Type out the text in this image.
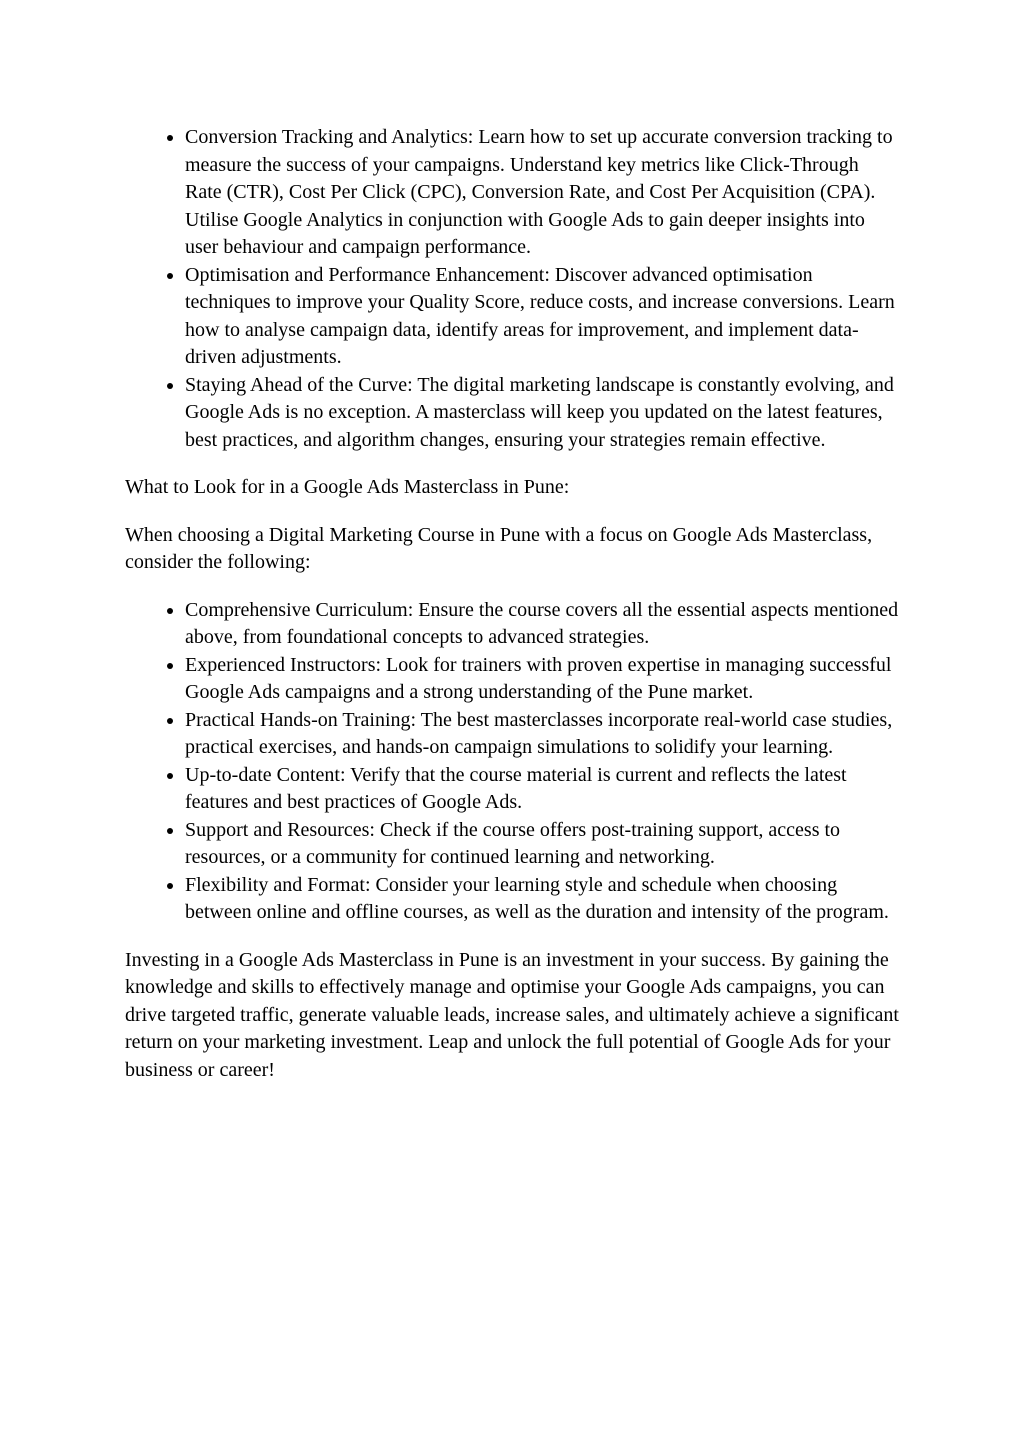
• Conversion Tracking and Analytics: Learn how to set up accurate conversion tracking to measure the success of your campaigns. Understand key metrics like Click-Through Rate (CTR), Cost Per Click (CPC), Conversion Rate, and Cost Per Acquisition (CPA). Utilise Google Analytics in conjunction with Google Ads to gain deeper insights into user behaviour and campaign performance.
• Optimisation and Performance Enhancement: Discover advanced optimisation techniques to improve your Quality Score, reduce costs, and increase conversions. Learn how to analyse campaign data, identify areas for improvement, and implement data-driven adjustments.
• Staying Ahead of the Curve: The digital marketing landscape is constantly evolving, and Google Ads is no exception. A masterclass will keep you updated on the latest features, best practices, and algorithm changes, ensuring your strategies remain effective.

What to Look for in a Google Ads Masterclass in Pune:

When choosing a Digital Marketing Course in Pune with a focus on Google Ads Masterclass, consider the following:

• Comprehensive Curriculum: Ensure the course covers all the essential aspects mentioned above, from foundational concepts to advanced strategies.
• Experienced Instructors: Look for trainers with proven expertise in managing successful Google Ads campaigns and a strong understanding of the Pune market.
• Practical Hands-on Training: The best masterclasses incorporate real-world case studies, practical exercises, and hands-on campaign simulations to solidify your learning.
• Up-to-date Content: Verify that the course material is current and reflects the latest features and best practices of Google Ads.
• Support and Resources: Check if the course offers post-training support, access to resources, or a community for continued learning and networking.
• Flexibility and Format: Consider your learning style and schedule when choosing between online and offline courses, as well as the duration and intensity of the program.

Investing in a Google Ads Masterclass in Pune is an investment in your success. By gaining the knowledge and skills to effectively manage and optimise your Google Ads campaigns, you can drive targeted traffic, generate valuable leads, increase sales, and ultimately achieve a significant return on your marketing investment. Leap and unlock the full potential of Google Ads for your business or career!
